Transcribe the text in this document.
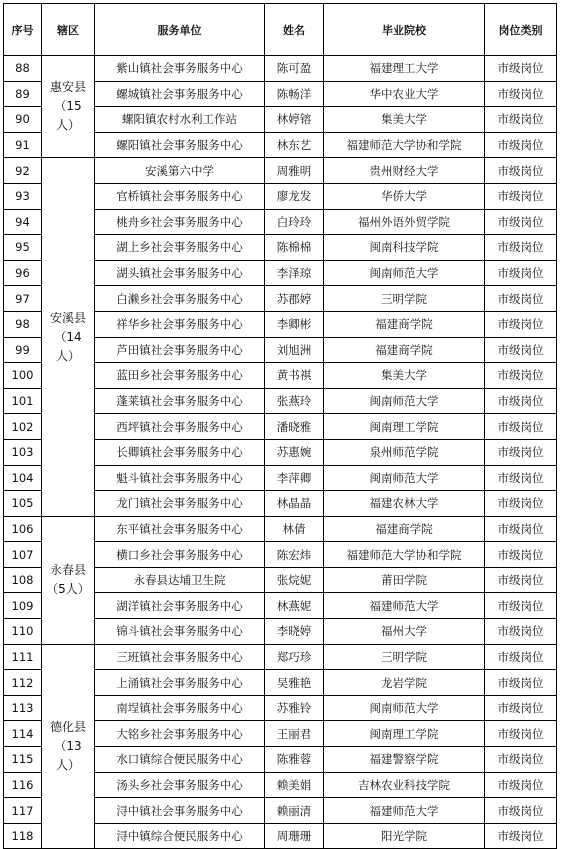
序号	辖区	服务单位	姓名	毕业院校	岗位类别
88	惠安县（15人）	紫山镇社会事务服务中心	陈可盈	福建理工大学	市级岗位
89		螺城镇社会事务服务中心	陈畅洋	华中农业大学	市级岗位
90		螺阳镇农村水利工作站	林婷镕	集美大学	市级岗位
91		螺阳镇社会事务服务中心	林东艺	福建师范大学协和学院	市级岗位
92	安溪县（14人）	安溪第六中学	周雅明	贵州财经大学	市级岗位
93		官桥镇社会事务服务中心	廖龙发	华侨大学	市级岗位
94		桃舟乡社会事务服务中心	白玲玲	福州外语外贸学院	市级岗位
95		湖上乡社会事务服务中心	陈棉棉	闽南科技学院	市级岗位
96		湖头镇社会事务服务中心	李泽琼	闽南师范大学	市级岗位
97		白濑乡社会事务服务中心	苏郡婷	三明学院	市级岗位
98		祥华乡社会事务服务中心	李卿彬	福建商学院	市级岗位
99		芦田镇社会事务服务中心	刘旭洲	福建商学院	市级岗位
100		蓝田乡社会事务服务中心	黄书祺	集美大学	市级岗位
101		蓬莱镇社会事务服务中心	张燕玲	闽南师范大学	市级岗位
102		西坪镇社会事务服务中心	潘晓雅	闽南理工学院	市级岗位
103		长卿镇社会事务服务中心	苏惠婉	泉州师范学院	市级岗位
104		魁斗镇社会事务服务中心	李萍卿	闽南师范大学	市级岗位
105		龙门镇社会事务服务中心	林晶晶	福建农林大学	市级岗位
106	永春县（5人）	东平镇社会事务服务中心	林倩	福建商学院	市级岗位
107		横口乡社会事务服务中心	陈宏炜	福建师范大学协和学院	市级岗位
108		永春县达埔卫生院	张烷妮	莆田学院	市级岗位
109		湖洋镇社会事务服务中心	林燕妮	福建师范大学	市级岗位
110		锦斗镇社会事务服务中心	李晓婷	福州大学	市级岗位
111	德化县（13人）	三班镇社会事务服务中心	郑巧珍	三明学院	市级岗位
112		上涌镇社会事务服务中心	吴雅艳	龙岩学院	市级岗位
113		南埕镇社会事务服务中心	苏雅铃	闽南师范大学	市级岗位
114		大铭乡社会事务服务中心	王丽君	闽南理工学院	市级岗位
115		水口镇综合便民服务中心	陈雅蓉	福建警察学院	市级岗位
116		汤头乡社会事务服务中心	赖美娟	吉林农业科技学院	市级岗位
117		浔中镇社会事务服务中心	赖丽清	福建师范大学	市级岗位
118		浔中镇综合便民服务中心	周珊珊	阳光学院	市级岗位
